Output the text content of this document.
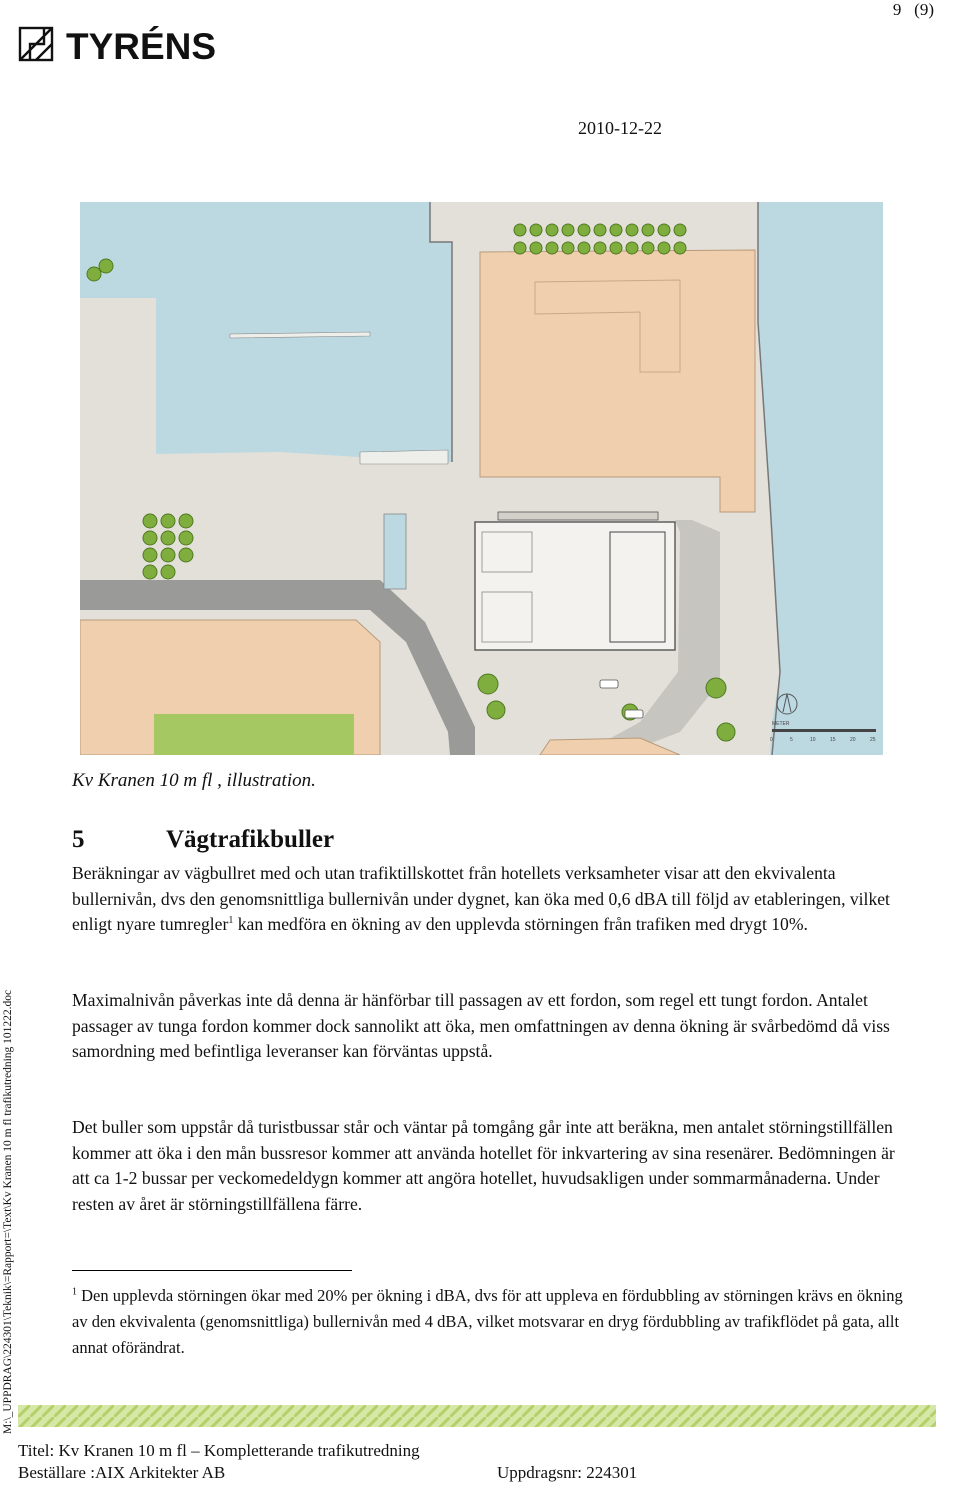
TYRÉNS
9 (9)
2010-12-22
METER
0	5	10	15	20	25
Kv Kranen 10 m fl , illustration.
5	Vägtrafikbuller
Beräkningar av vägbullret med och utan trafiktillskottet från hotellets verksamheter visar att den ekvivalenta bullernivån, dvs den genomsnittliga bullernivån under dygnet, kan öka med 0,6 dBA till följd av etableringen, vilket enligt nyare tumregler$^1$ kan medföra en ökning av den upplevda störningen från trafiken med drygt 10%.
Maximalnivån påverkas inte då denna är hänförbar till passagen av ett fordon, som regel ett tungt fordon. Antalet passager av tunga fordon kommer dock sannolikt att öka, men omfattningen av denna ökning är svårbedömd då viss samordning med befintliga leveranser kan förväntas uppstå.
Det buller som uppstår då turistbussar står och väntar på tomgång går inte att beräkna, men antalet störningstillfällen kommer att öka i den mån bussresor kommer att använda hotellet för inkvartering av sina resenärer. Bedömningen är att ca 1-2 bussar per veckomedeldygn kommer att angöra hotellet, huvudsakligen under sommarmånaderna. Under resten av året är störningstillfällena färre.
$^1$ Den upplevda störningen ökar med 20% per ökning i dBA, dvs för att uppleva en fördubbling av störningen krävs en ökning av den ekvivalenta (genomsnittliga) bullernivån med 4 dBA, vilket motsvarar en dryg fördubbling av trafikflödet på gata, allt annat oförändrat.
M:\_UPPDRAG\224301\Teknik\=Rapport=\Text\Kv Kranen 10 m fl trafikutredning 101222.doc
Titel: Kv Kranen 10 m fl – Kompletterande trafikutredning
Beställare :AIX Arkitekter AB	Uppdragsnr: 224301
